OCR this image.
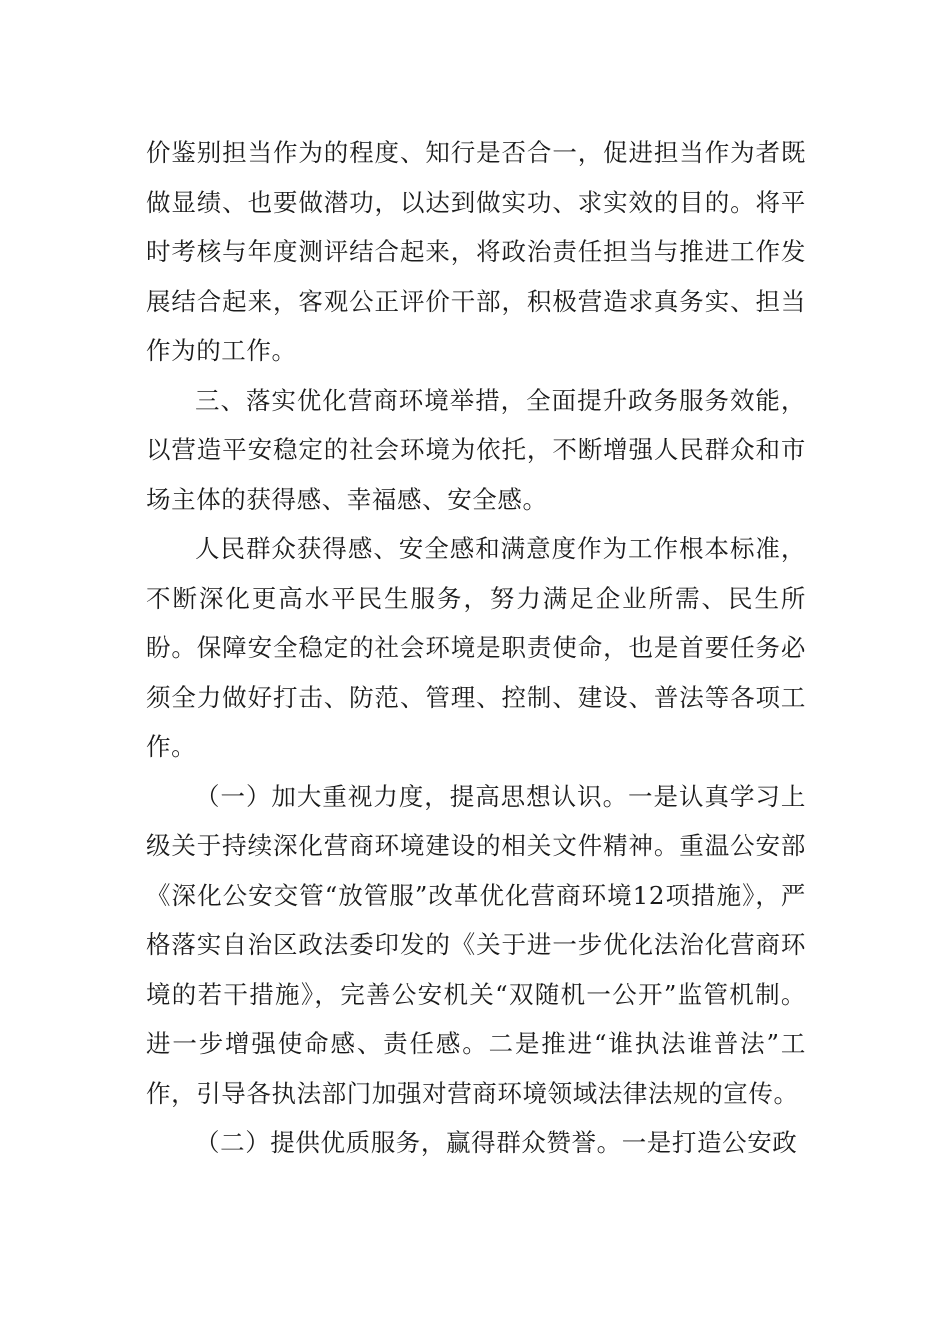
价鉴别担当作为的程度、知行是否合一，促进担当作为者既做显绩、也要做潜功，以达到做实功、求实效的目的。将平时考核与年度测评结合起来，将政治责任担当与推进工作发展结合起来，客观公正评价干部，积极营造求真务实、担当作为的工作。

三、落实优化营商环境举措，全面提升政务服务效能，以营造平安稳定的社会环境为依托，不断增强人民群众和市场主体的获得感、幸福感、安全感。

人民群众获得感、安全感和满意度作为工作根本标准，不断深化更高水平民生服务，努力满足企业所需、民生所盼。保障安全稳定的社会环境是职责使命，也是首要任务必须全力做好打击、防范、管理、控制、建设、普法等各项工作。

（一）加大重视力度，提高思想认识。一是认真学习上级关于持续深化营商环境建设的相关文件精神。重温公安部《深化公安交管“放管服”改革优化营商环境12项措施》，严格落实自治区政法委印发的《关于进一步优化法治化营商环境的若干措施》，完善公安机关“双随机一公开”监管机制。进一步增强使命感、责任感。二是推进“谁执法谁普法”工作，引导各执法部门加强对营商环境领域法律法规的宣传。

（二）提供优质服务，赢得群众赞誉。一是打造公安政
